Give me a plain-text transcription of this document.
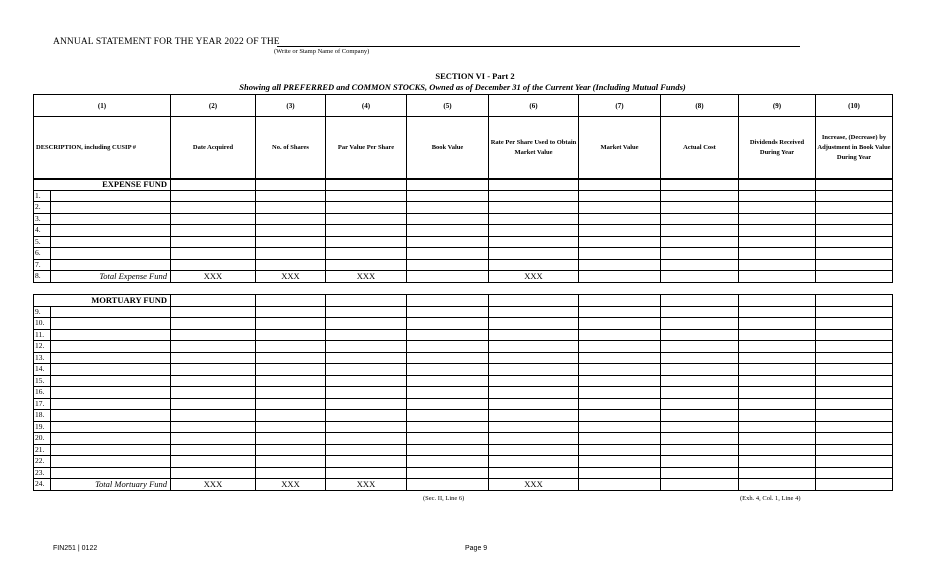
ANNUAL STATEMENT FOR THE YEAR 2022 OF THE
(Write or Stamp Name of Company)
SECTION VI - Part 2
Showing all PREFERRED and COMMON STOCKS, Owned as of December 31 of the Current Year (Including Mutual Funds)
(1)	(2)	(3)	(4)	(5)	(6)	(7)	(8)	(9)	(10)
DESCRIPTION, including CUSIP #	Date Acquired	No. of Shares	Par Value Per Share	Book Value	Rate Per Share Used to Obtain Market Value	Market Value	Actual Cost	Dividends Received During Year	Increase, (Decrease) by Adjustment in Book Value During Year
EXPENSE FUND										
1.										
2.										
3.										
4.										
5.										
6.										
7.										
8.	Total Expense Fund	XXX	XXX	XXX		XXX				
MORTUARY FUND										
9.										
10.										
11.										
12.										
13.										
14.										
15.										
16.										
17.										
18.										
19.										
20.										
21.										
22.										
23.										
24.	Total Mortuary Fund	XXX	XXX	XXX		XXX				
(Sec. II, Line 6)	(Exh. 4, Col. 1, Line 4)
FIN251 | 0122	Page 9
